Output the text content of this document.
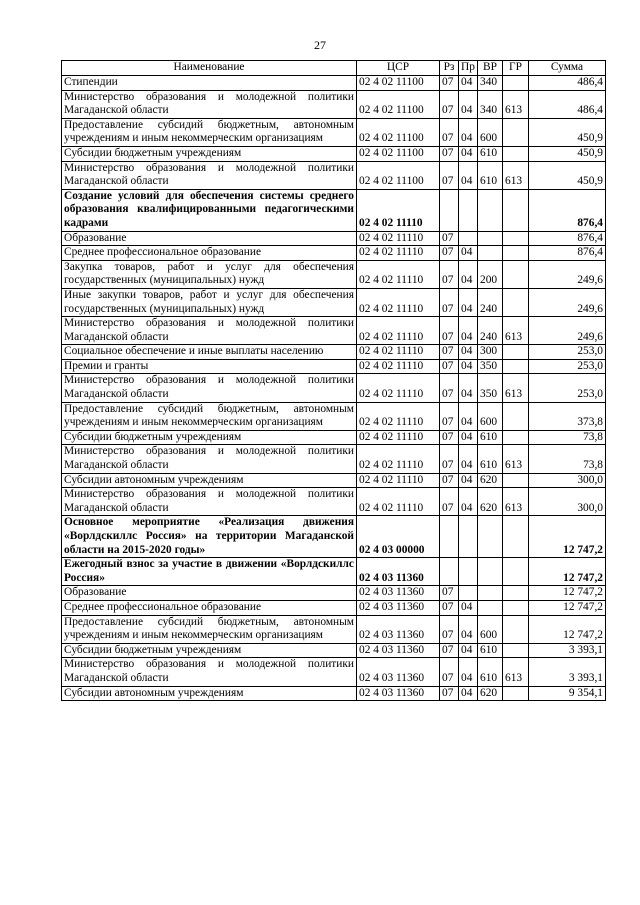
27
Наименование	ЦСР	Рз	Пр	ВР	ГР	Сумма
Стипендии	02 4 02 11100	07	04	340		486,4
Министерство образования и молодежной политики Магаданской области	02 4 02 11100	07	04	340	613	486,4
Предоставление субсидий бюджетным, автономным учреждениям и иным некоммерческим организациям	02 4 02 11100	07	04	600		450,9
Субсидии бюджетным учреждениям	02 4 02 11100	07	04	610		450,9
Министерство образования и молодежной политики Магаданской области	02 4 02 11100	07	04	610	613	450,9
Создание условий для обеспечения системы среднего образования квалифицированными педагогическими кадрами	02 4 02 11110					876,4
Образование	02 4 02 11110	07				876,4
Среднее профессиональное образование	02 4 02 11110	07	04			876,4
Закупка товаров, работ и услуг для обеспечения государственных (муниципальных) нужд	02 4 02 11110	07	04	200		249,6
Иные закупки товаров, работ и услуг для обеспечения государственных (муниципальных) нужд	02 4 02 11110	07	04	240		249,6
Министерство образования и молодежной политики Магаданской области	02 4 02 11110	07	04	240	613	249,6
Социальное обеспечение и иные выплаты населению	02 4 02 11110	07	04	300		253,0
Премии и гранты	02 4 02 11110	07	04	350		253,0
Министерство образования и молодежной политики Магаданской области	02 4 02 11110	07	04	350	613	253,0
Предоставление субсидий бюджетным, автономным учреждениям и иным некоммерческим организациям	02 4 02 11110	07	04	600		373,8
Субсидии бюджетным учреждениям	02 4 02 11110	07	04	610		73,8
Министерство образования и молодежной политики Магаданской области	02 4 02 11110	07	04	610	613	73,8
Субсидии автономным учреждениям	02 4 02 11110	07	04	620		300,0
Министерство образования и молодежной политики Магаданской области	02 4 02 11110	07	04	620	613	300,0
Основное мероприятие «Реализация движения «Ворлдскиллс Россия» на территории Магаданской области на 2015-2020 годы»	02 4 03 00000					12 747,2
Ежегодный взнос за участие в движении «Ворлдскиллс Россия»	02 4 03 11360					12 747,2
Образование	02 4 03 11360	07				12 747,2
Среднее профессиональное образование	02 4 03 11360	07	04			12 747,2
Предоставление субсидий бюджетным, автономным учреждениям и иным некоммерческим организациям	02 4 03 11360	07	04	600		12 747,2
Субсидии бюджетным учреждениям	02 4 03 11360	07	04	610		3 393,1
Министерство образования и молодежной политики Магаданской области	02 4 03 11360	07	04	610	613	3 393,1
Субсидии автономным учреждениям	02 4 03 11360	07	04	620		9 354,1
